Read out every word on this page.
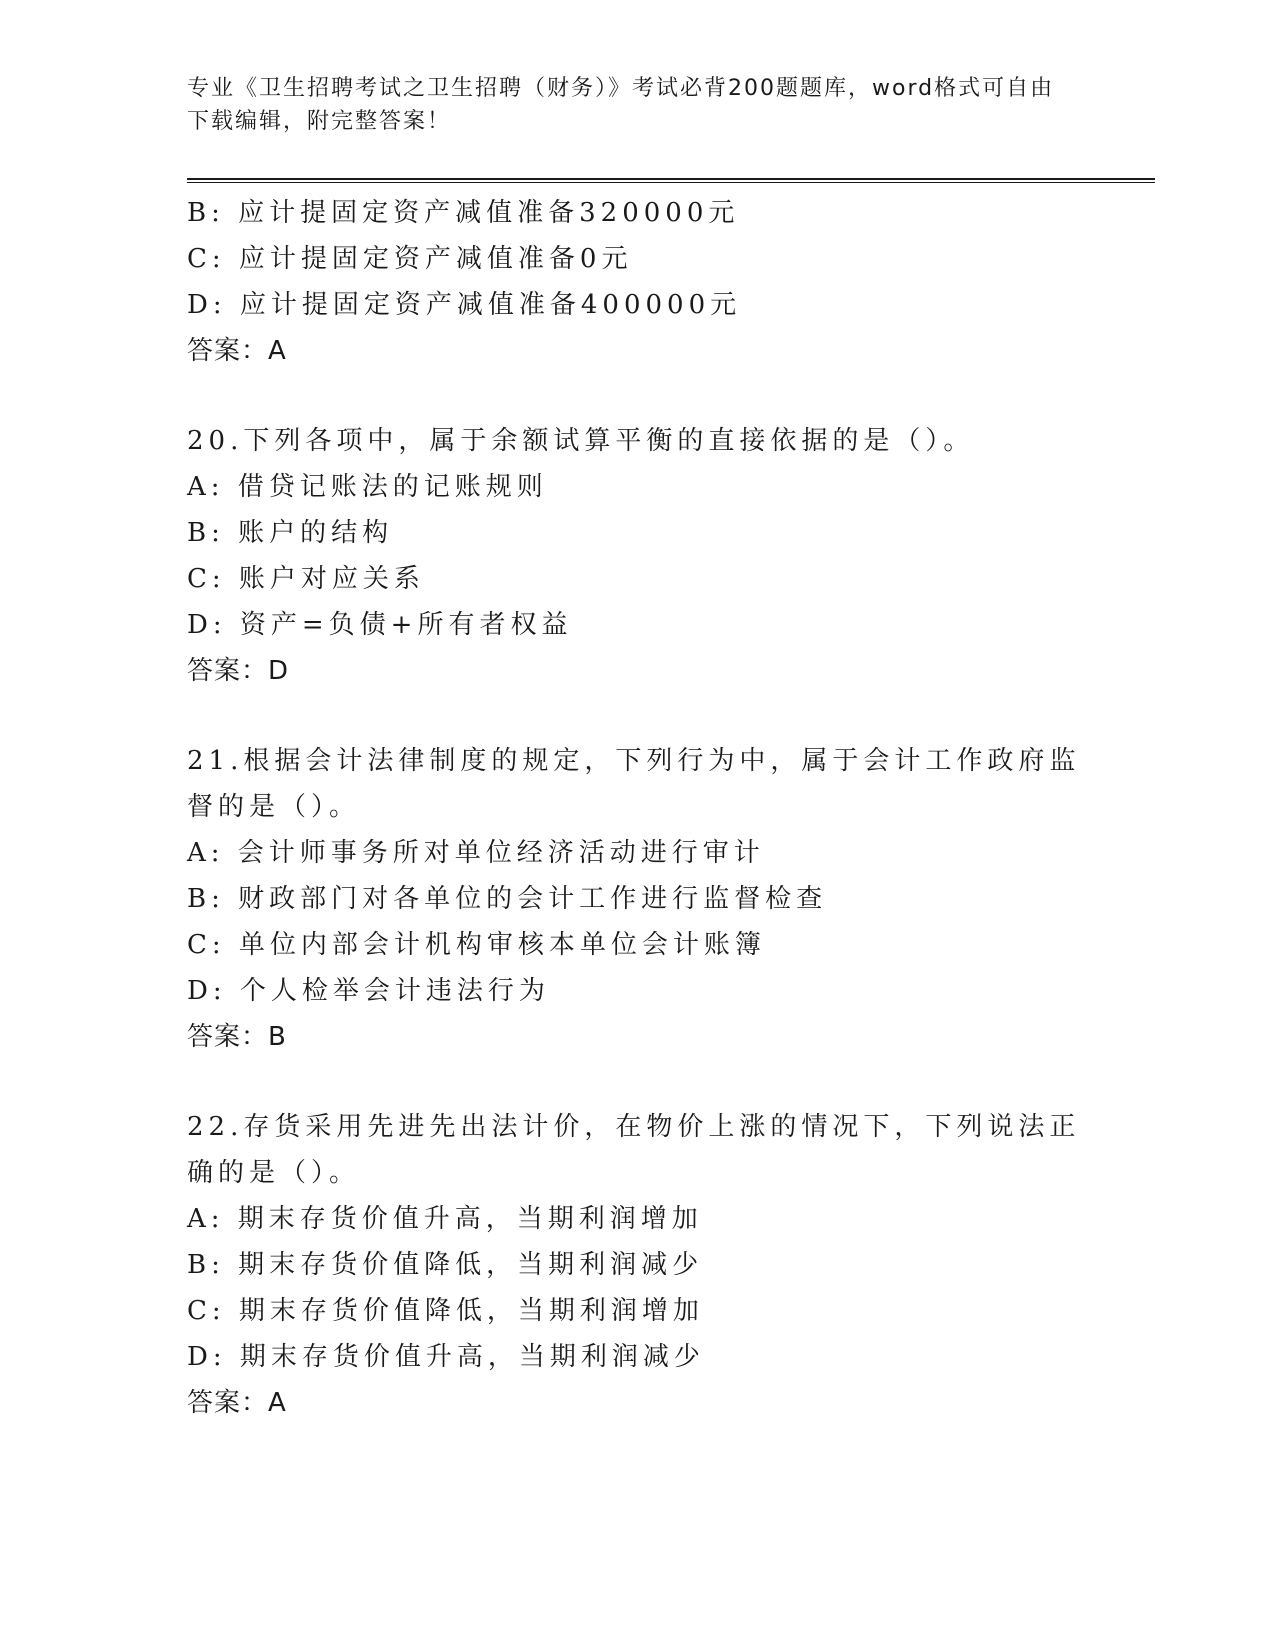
专业《卫生招聘考试之卫生招聘（财务）》考试必背200题题库，word格式可自由下载编辑，附完整答案！
B: 应计提固定资产减值准备320000元
C: 应计提固定资产减值准备0元
D: 应计提固定资产减值准备400000元
答案：A
20.下列各项中，属于余额试算平衡的直接依据的是（）。
A: 借贷记账法的记账规则
B: 账户的结构
C: 账户对应关系
D: 资产=负债+所有者权益
答案：D
21.根据会计法律制度的规定，下列行为中，属于会计工作政府监督的是（）。
A: 会计师事务所对单位经济活动进行审计
B: 财政部门对各单位的会计工作进行监督检查
C: 单位内部会计机构审核本单位会计账簿
D: 个人检举会计违法行为
答案：B
22.存货采用先进先出法计价，在物价上涨的情况下，下列说法正确的是（）。
A: 期末存货价值升高，当期利润增加
B: 期末存货价值降低，当期利润减少
C: 期末存货价值降低，当期利润增加
D: 期末存货价值升高，当期利润减少
答案：A
